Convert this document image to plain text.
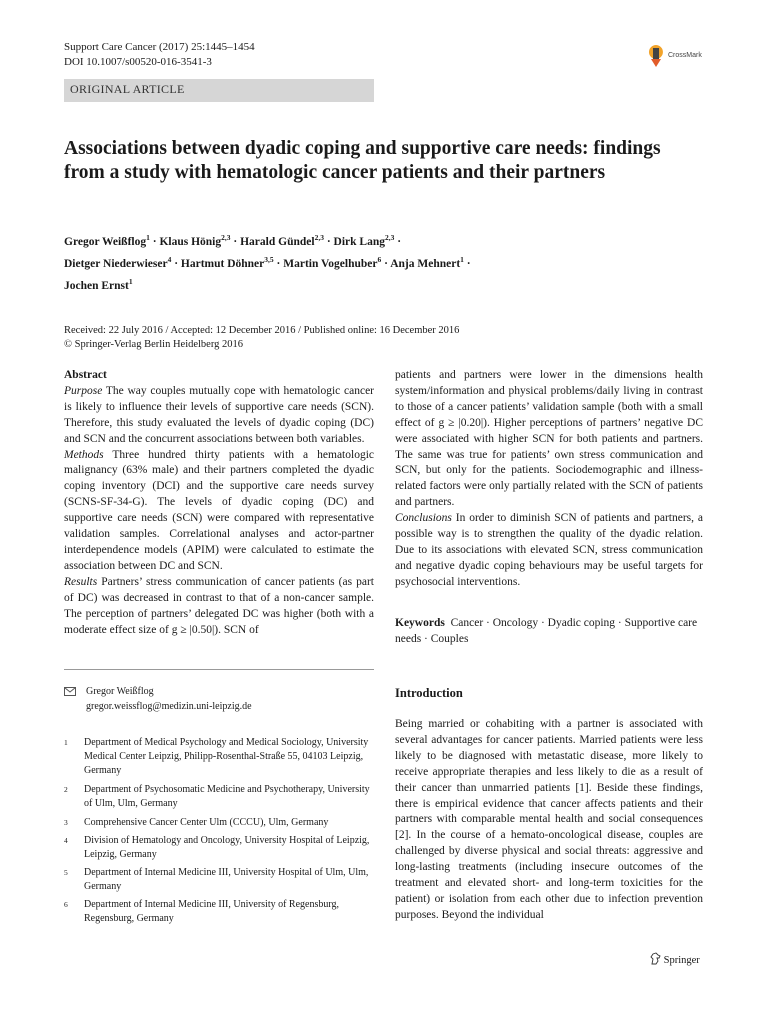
Support Care Cancer (2017) 25:1445–1454
DOI 10.1007/s00520-016-3541-3
CrossMark
ORIGINAL ARTICLE
Associations between dyadic coping and supportive care needs: findings from a study with hematologic cancer patients and their partners
Gregor Weißflog$^1$ · Klaus Hönig$^{2,3}$ · Harald Gündel$^{2,3}$ · Dirk Lang$^{2,3}$ ·
Dietger Niederwieser$^4$ · Hartmut Döhner$^{3,5}$ · Martin Vogelhuber$^6$ · Anja Mehnert$^1$ ·
Jochen Ernst$^1$
Received: 22 July 2016 / Accepted: 12 December 2016 / Published online: 16 December 2016
© Springer-Verlag Berlin Heidelberg 2016
Abstract
Purpose The way couples mutually cope with hematologic cancer is likely to influence their levels of supportive care needs (SCN). Therefore, this study evaluated the levels of dyadic coping (DC) and SCN and the concurrent associations between both variables.
Methods Three hundred thirty patients with a hematologic malignancy (63% male) and their partners completed the dyadic coping inventory (DCI) and the supportive care needs survey (SCNS-SF-34-G). The levels of dyadic coping (DC) and supportive care needs (SCN) were compared with representative validation samples. Correlational analyses and actor-partner interdependence models (APIM) were calculated to estimate the association between DC and SCN.
Results Partners’ stress communication of cancer patients (as part of DC) was decreased in contrast to that of a non-cancer sample. The perception of partners’ delegated DC was higher (both with a moderate effect size of g ≥ |0.50|). SCN of
patients and partners were lower in the dimensions health system/information and physical problems/daily living in contrast to those of a cancer patients’ validation sample (both with a small effect of g ≥ |0.20|). Higher perceptions of partners’ negative DC were associated with higher SCN for both patients and partners. The same was true for patients’ own stress communication and SCN, but only for the patients. Sociodemographic and illness-related factors were only partially related with the SCN of patients and partners.
Conclusions In order to diminish SCN of patients and partners, a possible way is to strengthen the quality of the dyadic relation. Due to its associations with elevated SCN, stress communication and negative dyadic coping behaviours may be useful targets for psychosocial interventions.
Keywords Cancer · Oncology · Dyadic coping · Supportive care needs · Couples
Gregor Weißflog
gregor.weissflog@medizin.uni-leipzig.de
1 Department of Medical Psychology and Medical Sociology, University Medical Center Leipzig, Philipp-Rosenthal-Straße 55, 04103 Leipzig, Germany
2 Department of Psychosomatic Medicine and Psychotherapy, University of Ulm, Ulm, Germany
3 Comprehensive Cancer Center Ulm (CCCU), Ulm, Germany
4 Division of Hematology and Oncology, University Hospital of Leipzig, Leipzig, Germany
5 Department of Internal Medicine III, University Hospital of Ulm, Ulm, Germany
6 Department of Internal Medicine III, University of Regensburg, Regensburg, Germany
Introduction
Being married or cohabiting with a partner is associated with several advantages for cancer patients. Married patients were less likely to be diagnosed with metastatic disease, more likely to receive appropriate therapies and less likely to die as a result of their cancer than unmarried patients [1]. Beside these findings, there is empirical evidence that cancer affects patients and their partners with comparable mental health and social consequences [2]. In the course of a hemato-oncological disease, couples are challenged by diverse physical and social threats: aggressive and long-lasting treatments (including insecure outcomes of the treatment and elevated short- and long-term toxicities for the patient) or isolation from each other due to infection prevention purposes. Beyond the individual
Springer
